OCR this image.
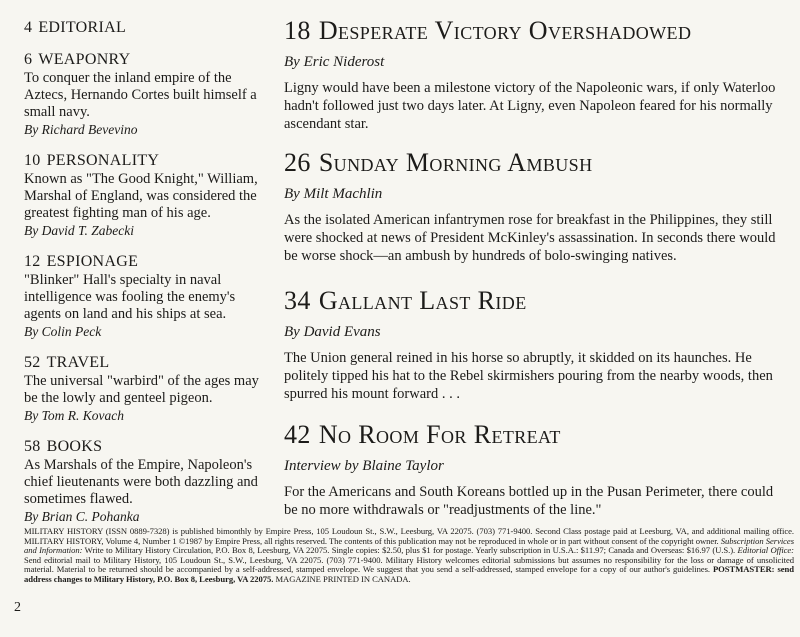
4 EDITORIAL
6 WEAPONRY
To conquer the inland empire of the Aztecs, Hernando Cortes built himself a small navy.
By Richard Bevevino
10 PERSONALITY
Known as "The Good Knight," William, Marshal of England, was considered the greatest fighting man of his age.
By David T. Zabecki
12 ESPIONAGE
"Blinker" Hall's specialty in naval intelligence was fooling the enemy's agents on land and his ships at sea.
By Colin Peck
52 TRAVEL
The universal "warbird" of the ages may be the lowly and genteel pigeon.
By Tom R. Kovach
58 BOOKS
As Marshals of the Empire, Napoleon's chief lieutenants were both dazzling and sometimes flawed.
By Brian C. Pohanka
18 Desperate Victory Overshadowed
By Eric Niderost
Ligny would have been a milestone victory of the Napoleonic wars, if only Waterloo hadn't followed just two days later. At Ligny, even Napoleon feared for his normally ascendant star.
26 Sunday Morning Ambush
By Milt Machlin
As the isolated American infantrymen rose for breakfast in the Philippines, they still were shocked at news of President McKinley's assassination. In seconds there would be worse shock—an ambush by hundreds of bolo-swinging natives.
34 Gallant Last Ride
By David Evans
The Union general reined in his horse so abruptly, it skidded on its haunches. He politely tipped his hat to the Rebel skirmishers pouring from the nearby woods, then spurred his mount forward . . .
42 No Room For Retreat
Interview by Blaine Taylor
For the Americans and South Koreans bottled up in the Pusan Perimeter, there could be no more withdrawals or "readjustments of the line."
MILITARY HISTORY (ISSN 0889-7328) is published bimonthly by Empire Press, 105 Loudoun St., S.W., Leesburg, VA 22075. (703) 771-9400. Second Class postage paid at Leesburg, VA, and additional mailing office. MILITARY HISTORY, Volume 4, Number 1 ©1987 by Empire Press, all rights reserved. The contents of this publication may not be reproduced in whole or in part without consent of the copyright owner. Subscription Services and Information: Write to Military History Circulation, P.O. Box 8, Leesburg, VA 22075. Single copies: $2.50, plus $1 for postage. Yearly subscription in U.S.A.: $11.97; Canada and Overseas: $16.97 (U.S.). Editorial Office: Send editorial mail to Military History, 105 Loudoun St., S.W., Leesburg, VA 22075. (703) 771-9400. Military History welcomes editorial submissions but assumes no responsibility for the loss or damage of unsolicited material. Material to be returned should be accompanied by a self-addressed, stamped envelope. We suggest that you send a self-addressed, stamped envelope for a copy of our author's guidelines. POSTMASTER: send address changes to Military History, P.O. Box 8, Leesburg, VA 22075. MAGAZINE PRINTED IN CANADA.
2
